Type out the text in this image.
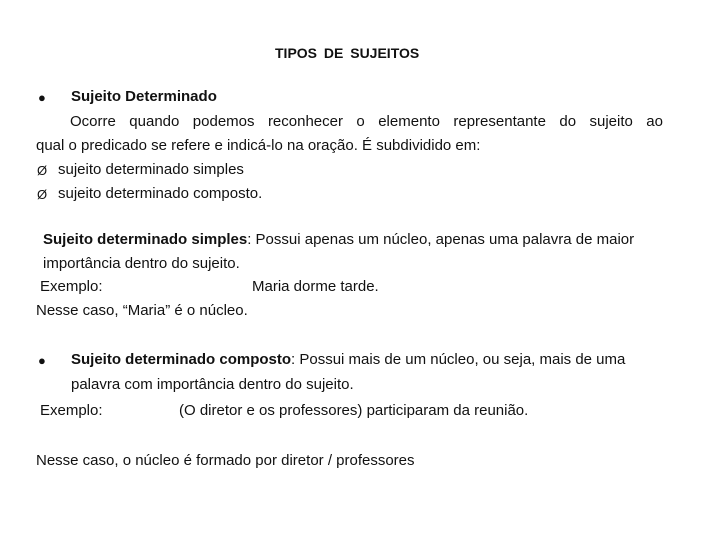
TIPOS DE SUJEITOS
● Sujeito Determinado
Ocorre quando podemos reconhecer o elemento representante do sujeito ao
qual o predicado se refere e indicá-lo na oração. É subdividido em:
Ø sujeito determinado simples
Ø sujeito determinado composto.
Sujeito determinado simples: Possui apenas um núcleo, apenas uma palavra de maior
importância dentro do sujeito.
Exemplo:	Maria dorme tarde.
Nesse caso, “Maria” é o núcleo.
● Sujeito determinado composto: Possui mais de um núcleo, ou seja, mais de uma
palavra com importância dentro do sujeito.
Exemplo:	(O diretor e os professores) participaram da reunião.
Nesse caso, o núcleo é formado por diretor / professores
